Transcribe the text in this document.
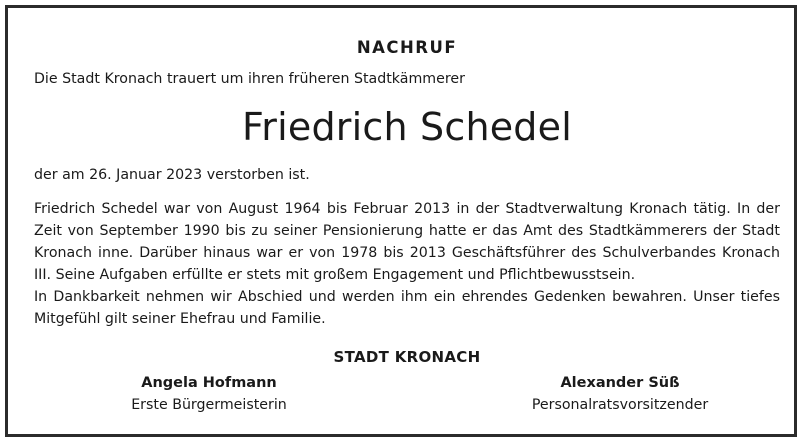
NACHRUF
Die Stadt Kronach trauert um ihren früheren Stadtkämmerer
Friedrich Schedel
der am 26. Januar 2023 verstorben ist.
Friedrich Schedel war von August 1964 bis Februar 2013 in der Stadtverwaltung Kronach tätig. In der Zeit von September 1990 bis zu seiner Pensionierung hatte er das Amt des Stadtkämmerers der Stadt Kronach inne. Darüber hinaus war er von 1978 bis 2013 Geschäftsführer des Schulverbandes Kronach III. Seine Aufgaben erfüllte er stets mit großem Engagement und Pflichtbewusstsein.
In Dankbarkeit nehmen wir Abschied und werden ihm ein ehrendes Gedenken bewahren. Unser tiefes Mitgefühl gilt seiner Ehefrau und Familie.
STADT KRONACH
Angela Hofmann
Erste Bürgermeisterin
Alexander Süß
Personalratsvorsitzender
